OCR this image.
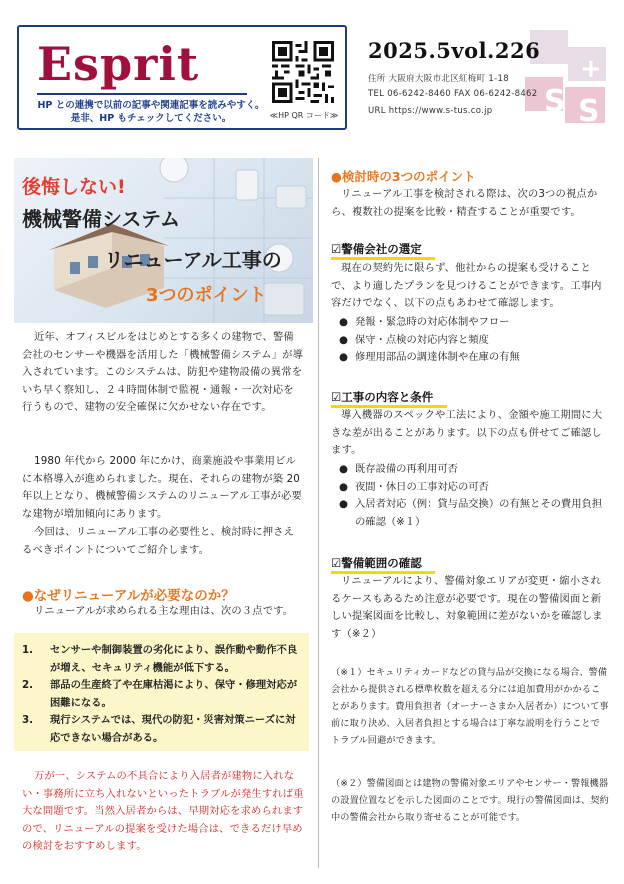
Esprit
HP との連携で以前の記事や関連記事を読みやすく。
是非、HP もチェックしてください。	≪HP QR コード≫	S S
+
2025.5vol.226
住所 大阪府大阪市北区紅梅町 1-18
TEL 06-6242-8460 FAX 06-6242-8462
URL https://www.s-tus.co.jp
後悔しない!
機械警備システム
リニューアル工事の
3つのポイント
近年、オフィスビルをはじめとする多くの建物で、警備会社のセンサーや機器を活用した「機械警備システム」が導入されています。このシステムは、防犯や建物設備の異常をいち早く察知し、２４時間体制で監視・通報・一次対応を行うもので、建物の安全確保に欠かせない存在です。
1980 年代から 2000 年にかけ、商業施設や事業用ビルに本格導入が進められました。現在、それらの建物が築 20 年以上となり、機械警備システムのリニューアル工事が必要な建物が増加傾向にあります。
今回は、リニューアル工事の必要性と、検討時に押さえるべきポイントについてご紹介します。
●なぜリニューアルが必要なのか？
リニューアルが求められる主な理由は、次の３点です。
1.	センサーや制御装置の劣化により、誤作動や動作不良が増え、セキュリティ機能が低下する。
2.	部品の生産終了や在庫枯渇により、保守・修理対応が困難になる。
3.	現行システムでは、現代の防犯・災害対策ニーズに対応できない場合がある。
万が一、システムの不具合により入居者が建物に入れない・事務所に立ち入れないといったトラブルが発生すれば重大な問題です。当然入居者からは、早期対応を求められますので、リニューアルの提案を受けた場合は、できるだけ早めの検討をおすすめします。
●検討時の3つのポイント
リニューアル工事を検討される際は、次の3つの視点から、複数社の提案を比較・精査することが重要です。
☑警備会社の選定
現在の契約先に限らず、他社からの提案も受けることで、より適したプランを見つけることができます。工事内容だけでなく、以下の点もあわせて確認します。
● 発報・緊急時の対応体制やフロー
● 保守・点検の対応内容と頻度
● 修理用部品の調達体制や在庫の有無
☑工事の内容と条件
導入機器のスペックや工法により、金額や施工期間に大きな差が出ることがあります。以下の点も併せてご確認します。
● 既存設備の再利用可否
● 夜間・休日の工事対応の可否
● 入居者対応（例：貸与品交換）の有無とその費用負担の確認（※１）
☑警備範囲の確認
リニューアルにより、警備対象エリアが変更・縮小されるケースもあるため注意が必要です。現在の警備図面と新しい提案図面を比較し、対象範囲に差がないかを確認します（※２）
（※１）セキュリティカードなどの貸与品が交換になる場合、警備会社から提供される標準枚数を超える分には追加費用がかかることがあります。費用負担者（オーナーさまか入居者か）について事前に取り決め、入居者負担とする場合は丁寧な説明を行うことでトラブル回避ができます。
（※２）警備図面とは建物の警備対象エリアやセンサー・警報機器の設置位置などを示した図面のことです。現行の警備図面は、契約中の警備会社から取り寄せることが可能です。
